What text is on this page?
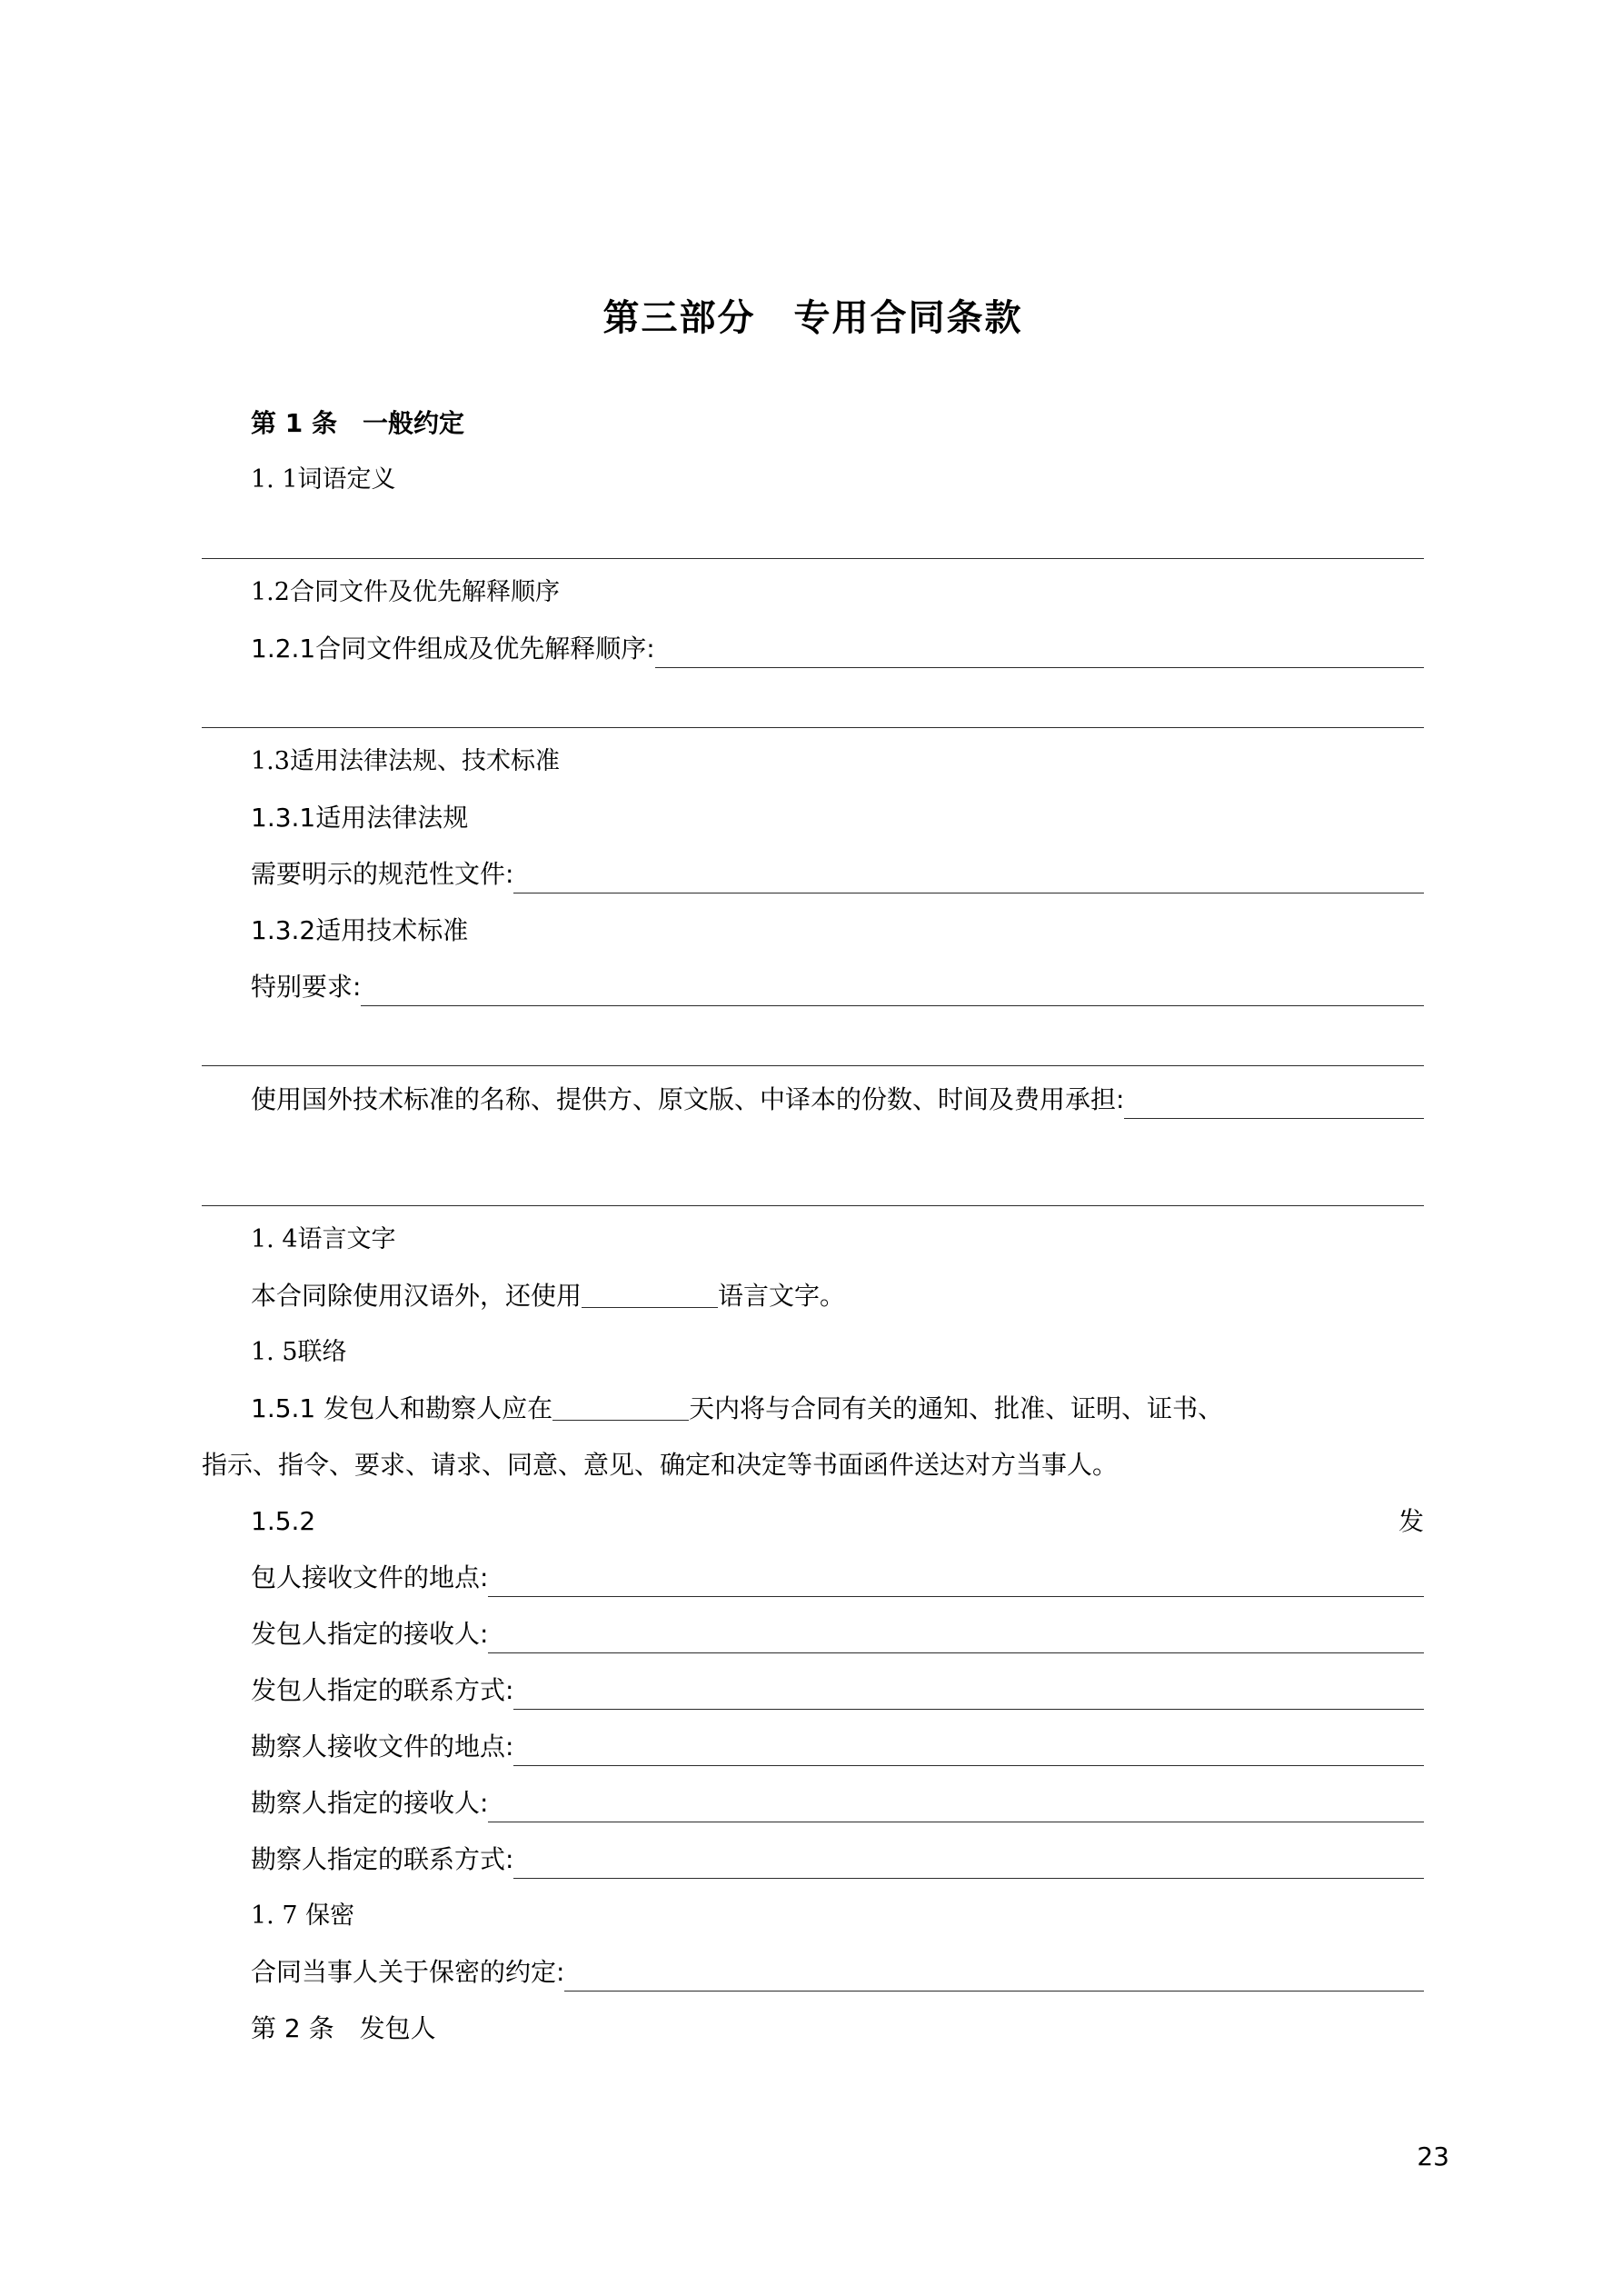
第三部分　专用合同条款
第 1 条　一般约定
1. 1词语定义
1.2合同文件及优先解释顺序
1.2.1合同文件组成及优先解释顺序:
1.3适用法律法规、技术标准
1.3.1适用法律法规
需要明示的规范性文件:
1.3.2适用技术标准
特别要求:
使用国外技术标准的名称、提供方、原文版、中译本的份数、时间及费用承担:
1. 4语言文字
本合同除使用汉语外，还使用	语言文字。
1. 5联络
1.5.1 发包人和勘察人应在	天内将与合同有关的通知、批准、证明、证书、
指示、指令、要求、请求、同意、意见、确定和决定等书面函件送达对方当事人。
1.5.2	发
包人接收文件的地点:
发包人指定的接收人:
发包人指定的联系方式:
勘察人接收文件的地点:
勘察人指定的接收人:
勘察人指定的联系方式:
1. 7 保密
合同当事人关于保密的约定:
第 2 条　发包人
23
